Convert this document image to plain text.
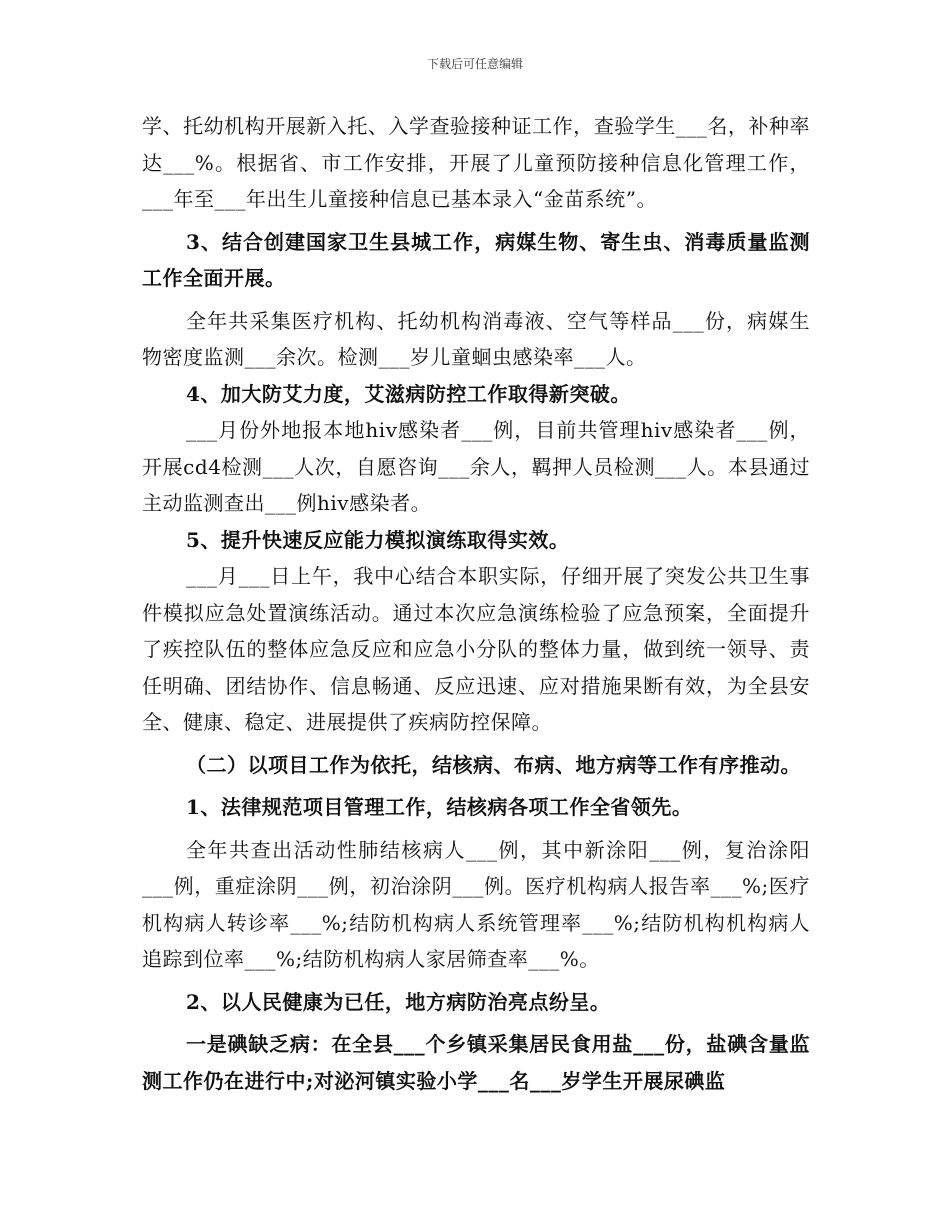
下载后可任意编辑

学、托幼机构开展新入托、入学查验接种证工作，查验学生___名，补种率达___%。根据省、市工作安排，开展了儿童预防接种信息化管理工作，___年至___年出生儿童接种信息已基本录入“金苗系统”。

3、结合创建国家卫生县城工作，病媒生物、寄生虫、消毒质量监测工作全面开展。

全年共采集医疗机构、托幼机构消毒液、空气等样品___份，病媒生物密度监测___余次。检测___岁儿童蛔虫感染率___人。

4、加大防艾力度，艾滋病防控工作取得新突破。

___月份外地报本地hiv感染者___例，目前共管理hiv感染者___例，开展cd4检测___人次，自愿咨询___余人，羁押人员检测___人。本县通过主动监测查出___例hiv感染者。

5、提升快速反应能力模拟演练取得实效。

___月___日上午，我中心结合本职实际，仔细开展了突发公共卫生事件模拟应急处置演练活动。通过本次应急演练检验了应急预案，全面提升了疾控队伍的整体应急反应和应急小分队的整体力量，做到统一领导、责任明确、团结协作、信息畅通、反应迅速、应对措施果断有效，为全县安全、健康、稳定、进展提供了疾病防控保障。

（二）以项目工作为依托，结核病、布病、地方病等工作有序推动。

1、法律规范项目管理工作，结核病各项工作全省领先。

全年共查出活动性肺结核病人___例，其中新涂阳___例，复治涂阳___例，重症涂阴___例，初治涂阴___例。医疗机构病人报告率___%;医疗机构病人转诊率___%;结防机构病人系统管理率___%;结防机构机构病人追踪到位率___%;结防机构病人家居筛查率___%。

2、以人民健康为已任，地方病防治亮点纷呈。

一是碘缺乏病：在全县___个乡镇采集居民食用盐___份，盐碘含量监测工作仍在进行中;对泌河镇实验小学___名___岁学生开展尿碘监
